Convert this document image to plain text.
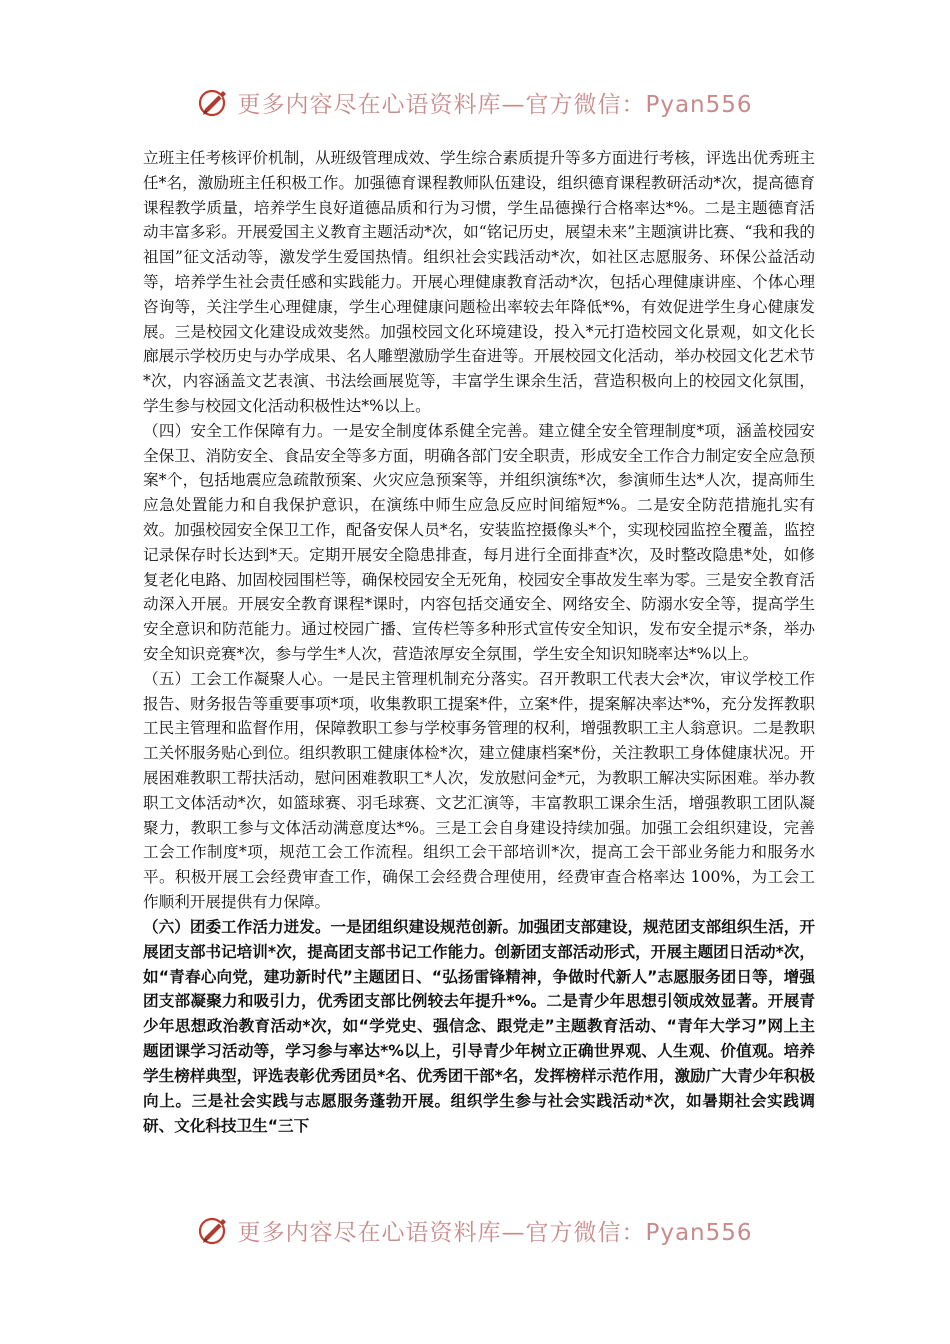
更多内容尽在心语资料库—官方微信：Pyan556

立班主任考核评价机制，从班级管理成效、学生综合素质提升等多方面进行考核，评选出优秀班主任*名，激励班主任积极工作。加强德育课程教师队伍建设，组织德育课程教研活动*次，提高德育课程教学质量，培养学生良好道德品质和行为习惯，学生品德操行合格率达*%。二是主题德育活动丰富多彩。开展爱国主义教育主题活动*次，如“铭记历史，展望未来”主题演讲比赛、“我和我的祖国”征文活动等，激发学生爱国热情。组织社会实践活动*次，如社区志愿服务、环保公益活动等，培养学生社会责任感和实践能力。开展心理健康教育活动*次，包括心理健康讲座、个体心理咨询等，关注学生心理健康，学生心理健康问题检出率较去年降低*%，有效促进学生身心健康发展。三是校园文化建设成效斐然。加强校园文化环境建设，投入*元打造校园文化景观，如文化长廊展示学校历史与办学成果、名人雕塑激励学生奋进等。开展校园文化活动，举办校园文化艺术节*次，内容涵盖文艺表演、书法绘画展览等，丰富学生课余生活，营造积极向上的校园文化氛围，学生参与校园文化活动积极性达*%以上。

（四）安全工作保障有力。一是安全制度体系健全完善。建立健全安全管理制度*项，涵盖校园安全保卫、消防安全、食品安全等多方面，明确各部门安全职责，形成安全工作合力制定安全应急预案*个，包括地震应急疏散预案、火灾应急预案等，并组织演练*次，参演师生达*人次，提高师生应急处置能力和自我保护意识，在演练中师生应急反应时间缩短*%。二是安全防范措施扎实有效。加强校园安全保卫工作，配备安保人员*名，安装监控摄像头*个，实现校园监控全覆盖，监控记录保存时长达到*天。定期开展安全隐患排查，每月进行全面排查*次，及时整改隐患*处，如修复老化电路、加固校园围栏等，确保校园安全无死角，校园安全事故发生率为零。三是安全教育活动深入开展。开展安全教育课程*课时，内容包括交通安全、网络安全、防溺水安全等，提高学生安全意识和防范能力。通过校园广播、宣传栏等多种形式宣传安全知识，发布安全提示*条，举办安全知识竞赛*次，参与学生*人次，营造浓厚安全氛围，学生安全知识知晓率达*%以上。

（五）工会工作凝聚人心。一是民主管理机制充分落实。召开教职工代表大会*次，审议学校工作报告、财务报告等重要事项*项，收集教职工提案*件，立案*件，提案解决率达*%，充分发挥教职工民主管理和监督作用，保障教职工参与学校事务管理的权利，增强教职工主人翁意识。二是教职工关怀服务贴心到位。组织教职工健康体检*次，建立健康档案*份，关注教职工身体健康状况。开展困难教职工帮扶活动，慰问困难教职工*人次，发放慰问金*元，为教职工解决实际困难。举办教职工文体活动*次，如篮球赛、羽毛球赛、文艺汇演等，丰富教职工课余生活，增强教职工团队凝聚力，教职工参与文体活动满意度达*%。三是工会自身建设持续加强。加强工会组织建设，完善工会工作制度*项，规范工会工作流程。组织工会干部培训*次，提高工会干部业务能力和服务水平。积极开展工会经费审查工作，确保工会经费合理使用，经费审查合格率达 100%，为工会工作顺利开展提供有力保障。

（六）团委工作活力迸发。一是团组织建设规范创新。加强团支部建设，规范团支部组织生活，开展团支部书记培训*次，提高团支部书记工作能力。创新团支部活动形式，开展主题团日活动*次，如“青春心向党，建功新时代”主题团日、“弘扬雷锋精神，争做时代新人”志愿服务团日等，增强团支部凝聚力和吸引力，优秀团支部比例较去年提升*%。二是青少年思想引领成效显著。开展青少年思想政治教育活动*次，如“学党史、强信念、跟党走”主题教育活动、“青年大学习”网上主题团课学习活动等，学习参与率达*%以上，引导青少年树立正确世界观、人生观、价值观。培养学生榜样典型，评选表彰优秀团员*名、优秀团干部*名，发挥榜样示范作用，激励广大青少年积极向上。三是社会实践与志愿服务蓬勃开展。组织学生参与社会实践活动*次，如暑期社会实践调研、文化科技卫生“三下

更多内容尽在心语资料库—官方微信：Pyan556
